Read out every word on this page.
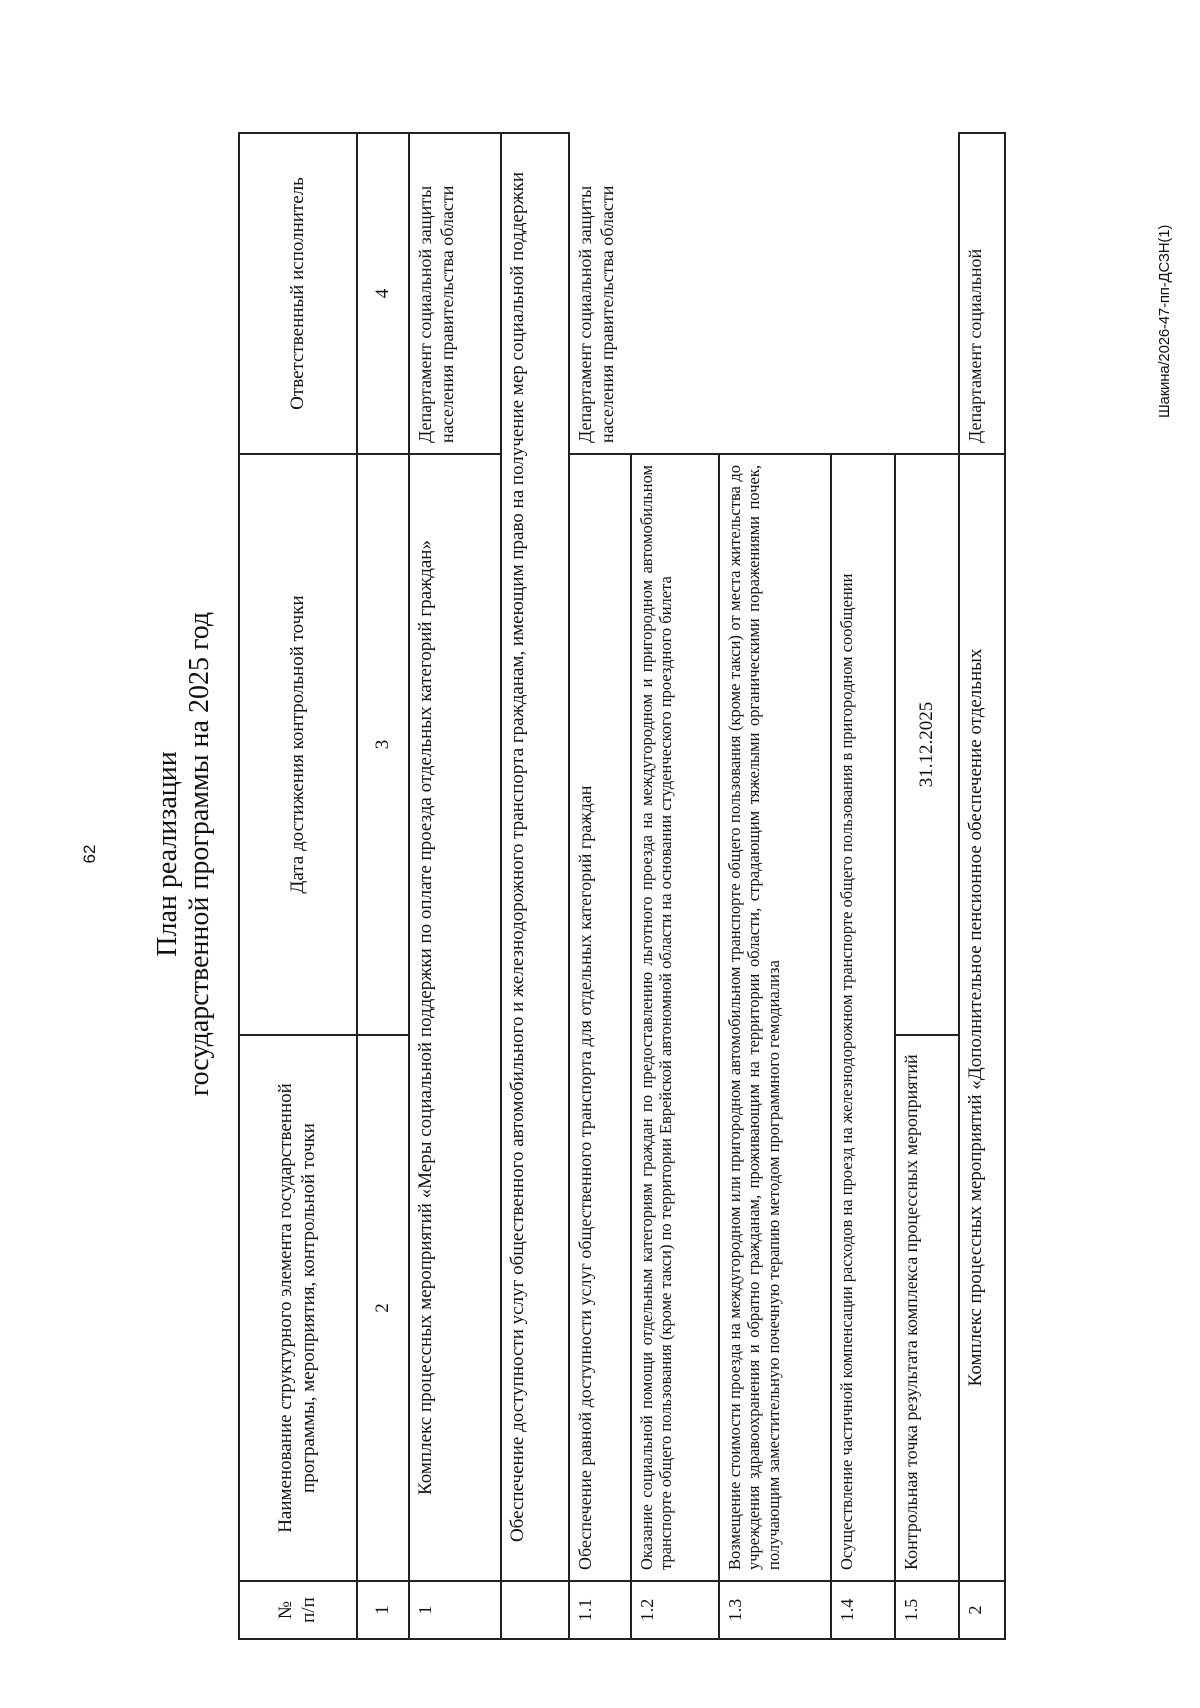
62 План реализации государственной программы на 2025 год
№ п/п	Наименование структурного элемента государственной программы, мероприятия, контрольной точки	Дата достижения контрольной точки	Ответственный исполнитель
1	2	3	4
1	Комплекс процессных мероприятий «Меры социальной поддержки по оплате проезда отдельных категорий граждан»		Департамент социальной защиты населения правительства области
	Обеспечение доступности услуг общественного автомобильного и железнодорожного транспорта гражданам, имеющим право на получение мер социальной поддержки		
1.1	Обеспечение равной доступности услуг общественного транспорта для отдельных категорий граждан		Департамент социальной защиты населения правительства области
1.2	Оказание социальной помощи отдельным категориям граждан по предоставлению льготного проезда на междугородном и пригородном автомобильном транспорте общего пользования (кроме такси) по территории Еврейской автономной области на основании студенческого проездного билета		
1.3	Возмещение стоимости проезда на междугородном или пригородном автомобильном транспорте общего пользования (кроме такси) от места жительства до учреждения здравоохранения и обратно гражданам, проживающим на территории области, страдающим тяжелыми органическими поражениями почек, получающим заместительную почечную терапию методом программного гемодиализа		
1.4	Осуществление частичной компенсации расходов на проезд на железнодорожном транспорте общего пользования в пригородном сообщении		
1.5	Контрольная точка результата комплекса процессных мероприятий	31.12.2025	
2	Комплекс процессных мероприятий «Дополнительное пенсионное обеспечение отдельных		Департамент социальной	Шакина/2026-47-пп-ДСЗН(1)
